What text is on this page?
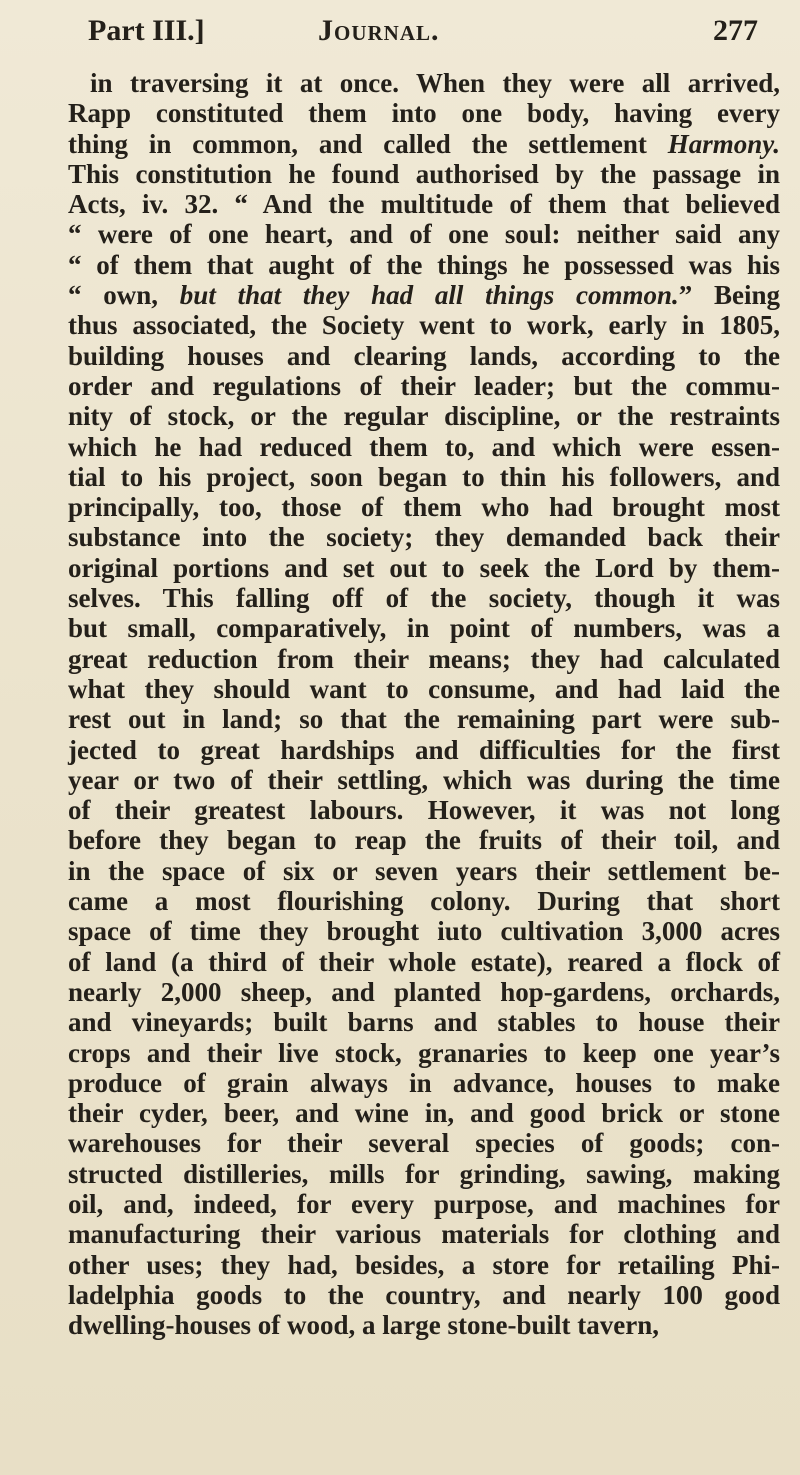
Part III.]	Journal.	277
in traversing it at once. When they were all arrived,
Rapp constituted them into one body, having every
thing in common, and called the settlement Harmony.
This constitution he found authorised by the passage in
Acts, iv. 32. “ And the multitude of them that believed
“ were of one heart, and of one soul: neither said any
“ of them that aught of the things he possessed was his
“ own, but that they had all things common.” Being
thus associated, the Society went to work, early in 1805,
building houses and clearing lands, according to the
order and regulations of their leader; but the commu-
nity of stock, or the regular discipline, or the restraints
which he had reduced them to, and which were essen-
tial to his project, soon began to thin his followers, and
principally, too, those of them who had brought most
substance into the society; they demanded back their
original portions and set out to seek the Lord by them-
selves. This falling off of the society, though it was
but small, comparatively, in point of numbers, was a
great reduction from their means; they had calculated
what they should want to consume, and had laid the
rest out in land; so that the remaining part were sub-
jected to great hardships and difficulties for the first
year or two of their settling, which was during the time
of their greatest labours. However, it was not long
before they began to reap the fruits of their toil, and
in the space of six or seven years their settlement be-
came a most flourishing colony. During that short
space of time they brought iuto cultivation 3,000 acres
of land (a third of their whole estate), reared a flock of
nearly 2,000 sheep, and planted hop-gardens, orchards,
and vineyards; built barns and stables to house their
crops and their live stock, granaries to keep one year’s
produce of grain always in advance, houses to make
their cyder, beer, and wine in, and good brick or stone
warehouses for their several species of goods; con-
structed distilleries, mills for grinding, sawing, making
oil, and, indeed, for every purpose, and machines for
manufacturing their various materials for clothing and
other uses; they had, besides, a store for retailing Phi-
ladelphia goods to the country, and nearly 100 good
dwelling-houses of wood, a large stone-built tavern,
